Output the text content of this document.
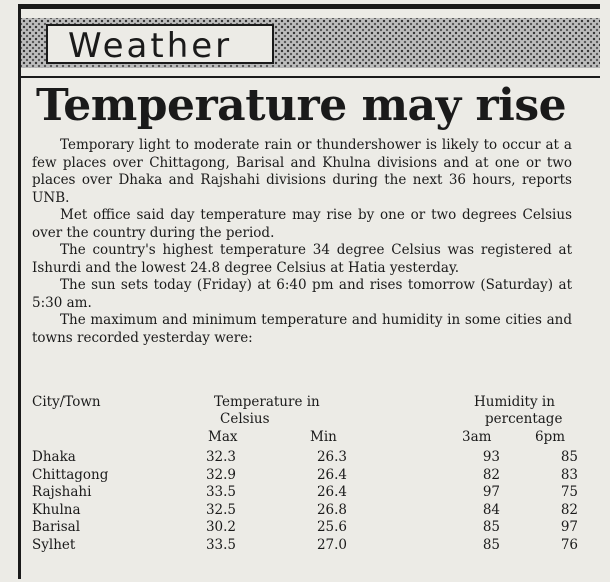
Weather
Temperature may rise

Temporary light to moderate rain or thundershower is likely to occur at a few places over Chittagong, Barisal and Khulna divisions and at one or two places over Dhaka and Rajshahi divisions during the next 36 hours, reports UNB.

Met office said day temperature may rise by one or two degrees Celsius over the country during the period.

The country's highest temperature 34 degree Celsius was registered at Ishurdi and the lowest 24.8 degree Celsius at Hatia yesterday.

The sun sets today (Friday) at 6:40 pm and rises tomorrow (Saturday) at 5:30 am.

The maximum and minimum temperature and humidity in some cities and towns recorded yesterday were:

City/Town	Temperature in	Humidity in
Celsius	percentage
Max	Min	3am	6pm
Dhaka	32.3	26.3	93	85
Chittagong	32.9	26.4	82	83
Rajshahi	33.5	26.4	97	75
Khulna	32.5	26.8	84	82
Barisal	30.2	25.6	85	97
Sylhet	33.5	27.0	85	76
